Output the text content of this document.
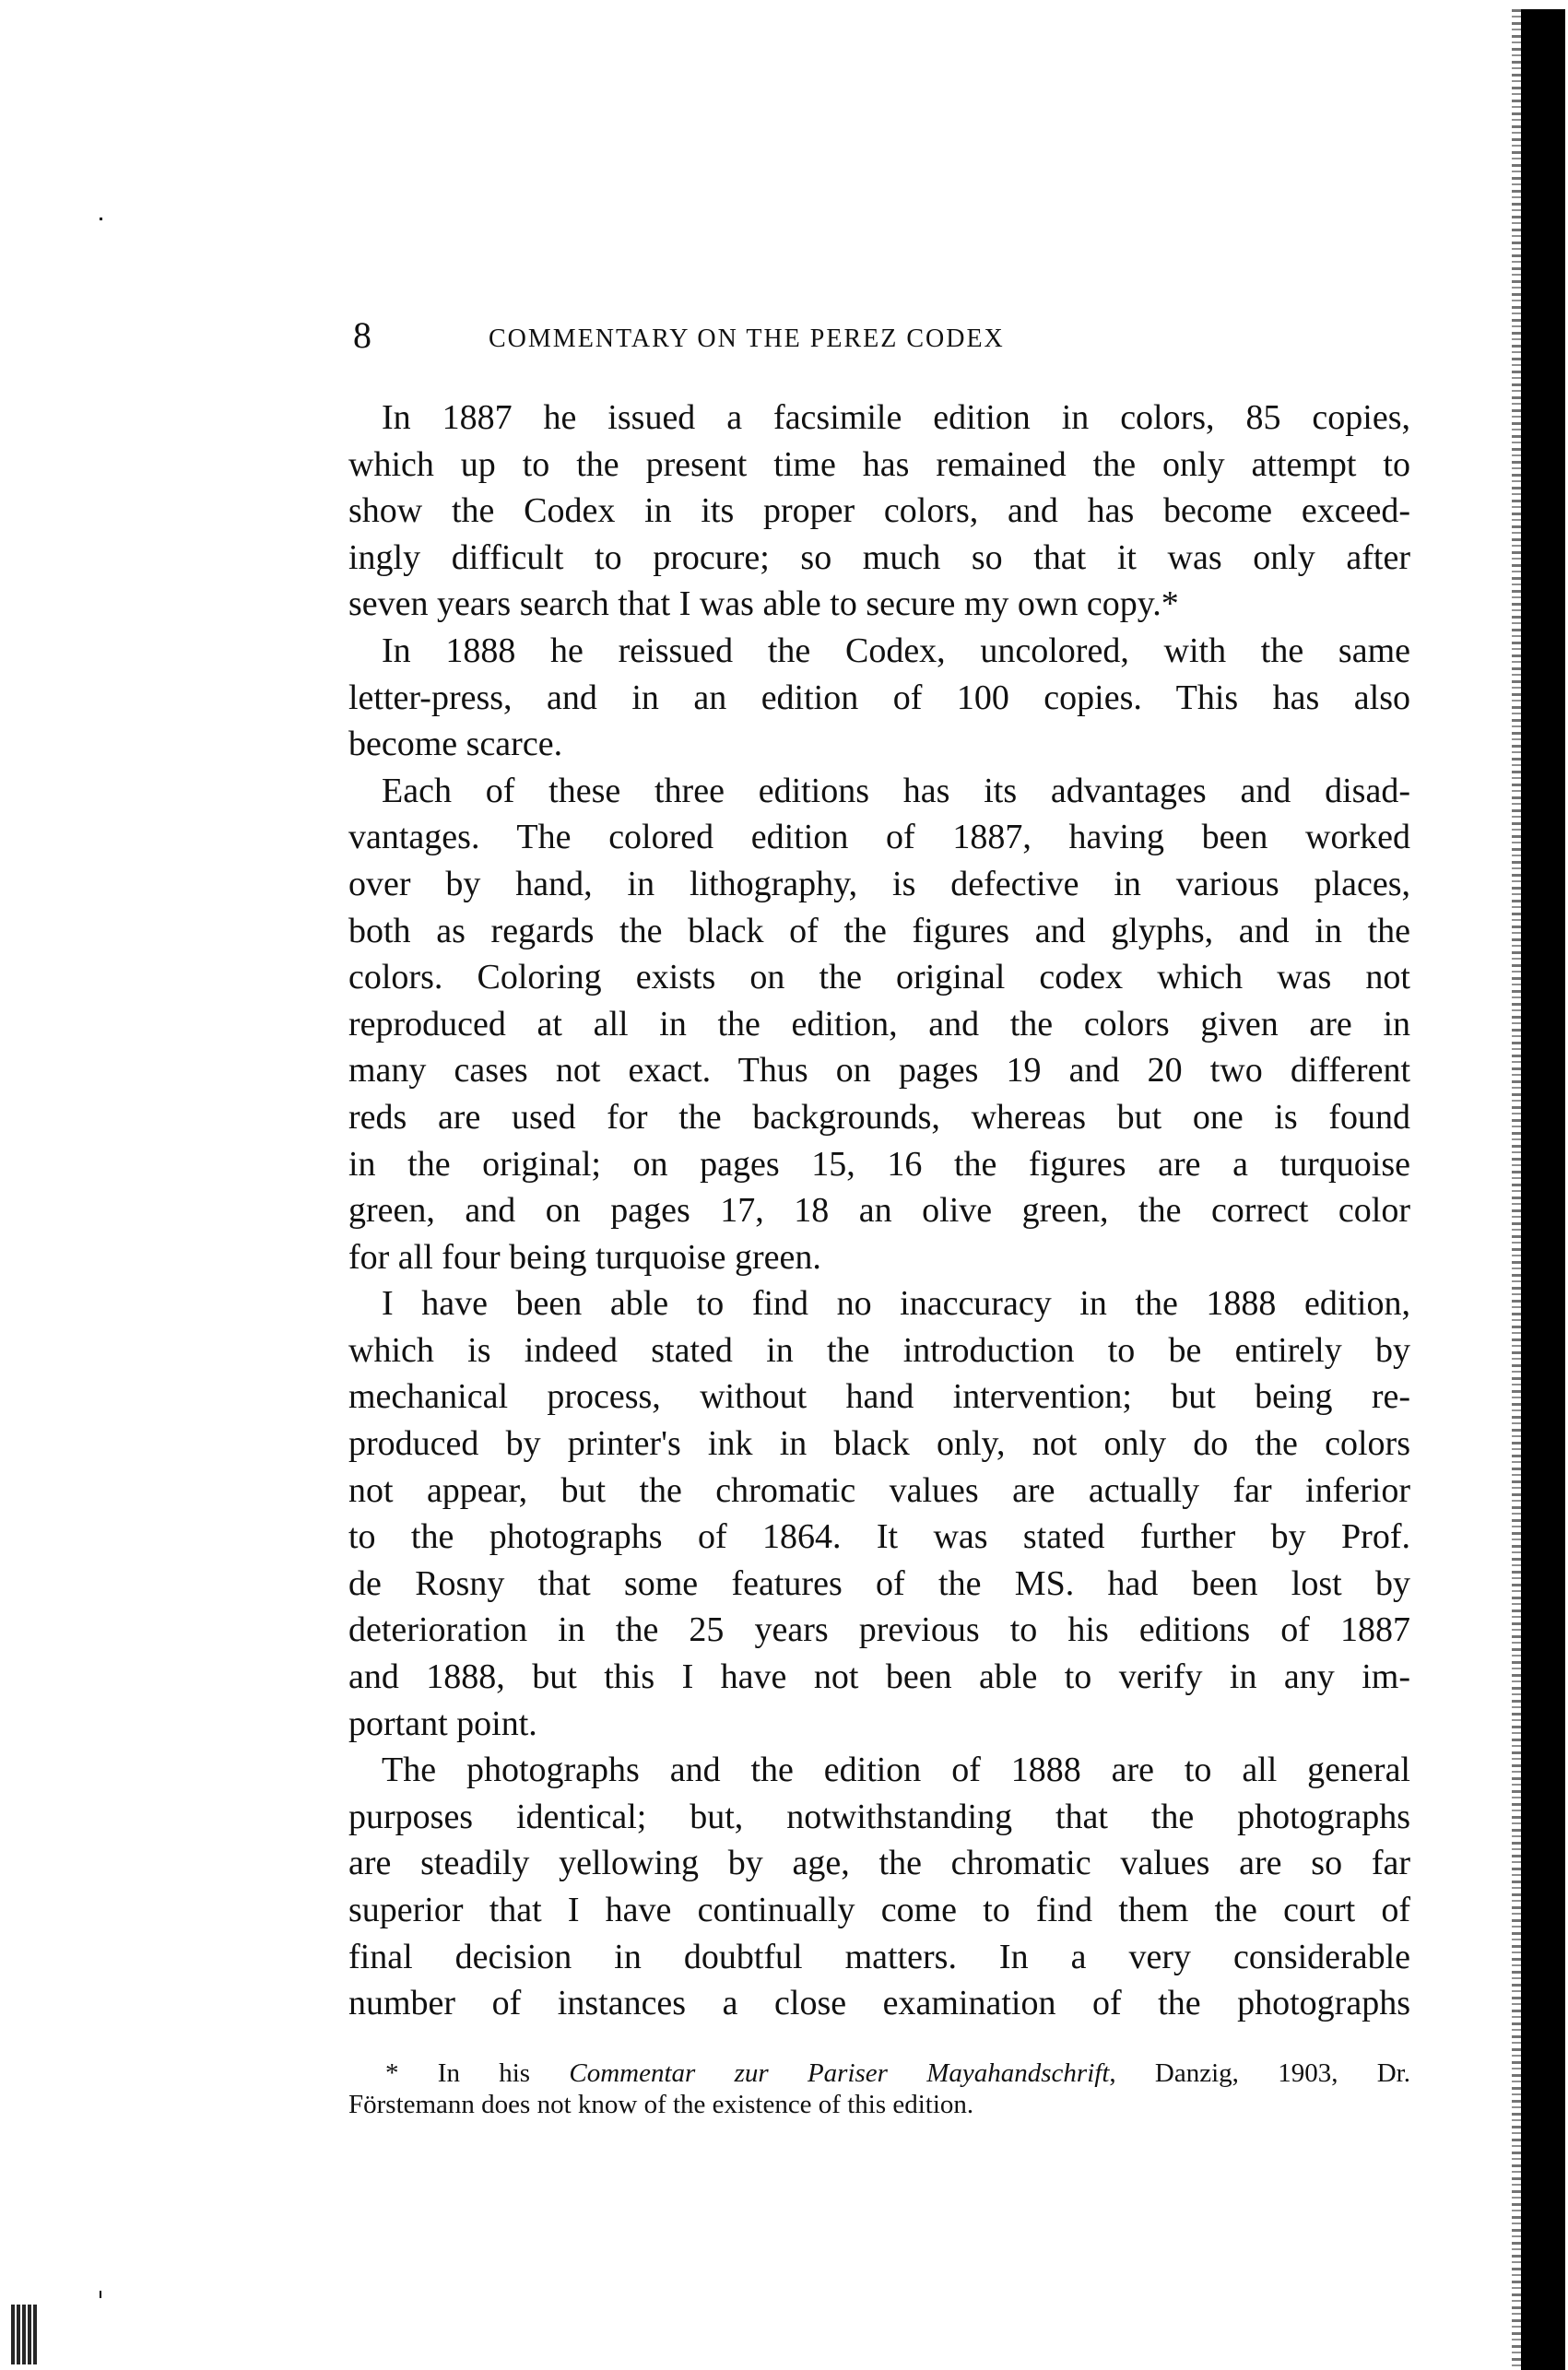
8	COMMENTARY ON THE PEREZ CODEX
In 1887 he issued a facsimile edition in colors, 85 copies,
which up to the present time has remained the only attempt to
show the Codex in its proper colors, and has become exceed-
ingly difficult to procure; so much so that it was only after
seven years search that I was able to secure my own copy.*
In 1888 he reissued the Codex, uncolored, with the same
letter-press, and in an edition of 100 copies. This has also
become scarce.
Each of these three editions has its advantages and disad-
vantages. The colored edition of 1887, having been worked
over by hand, in lithography, is defective in various places,
both as regards the black of the figures and glyphs, and in the
colors. Coloring exists on the original codex which was not
reproduced at all in the edition, and the colors given are in
many cases not exact. Thus on pages 19 and 20 two different
reds are used for the backgrounds, whereas but one is found
in the original; on pages 15, 16 the figures are a turquoise
green, and on pages 17, 18 an olive green, the correct color
for all four being turquoise green.
I have been able to find no inaccuracy in the 1888 edition,
which is indeed stated in the introduction to be entirely by
mechanical process, without hand intervention; but being re-
produced by printer's ink in black only, not only do the colors
not appear, but the chromatic values are actually far inferior
to the photographs of 1864. It was stated further by Prof.
de Rosny that some features of the MS. had been lost by
deterioration in the 25 years previous to his editions of 1887
and 1888, but this I have not been able to verify in any im-
portant point.
The photographs and the edition of 1888 are to all general
purposes identical; but, notwithstanding that the photographs
are steadily yellowing by age, the chromatic values are so far
superior that I have continually come to find them the court of
final decision in doubtful matters. In a very considerable
number of instances a close examination of the photographs
* In his Commentar zur Pariser Mayahandschrift, Danzig, 1903, Dr.
Förstemann does not know of the existence of this edition.
